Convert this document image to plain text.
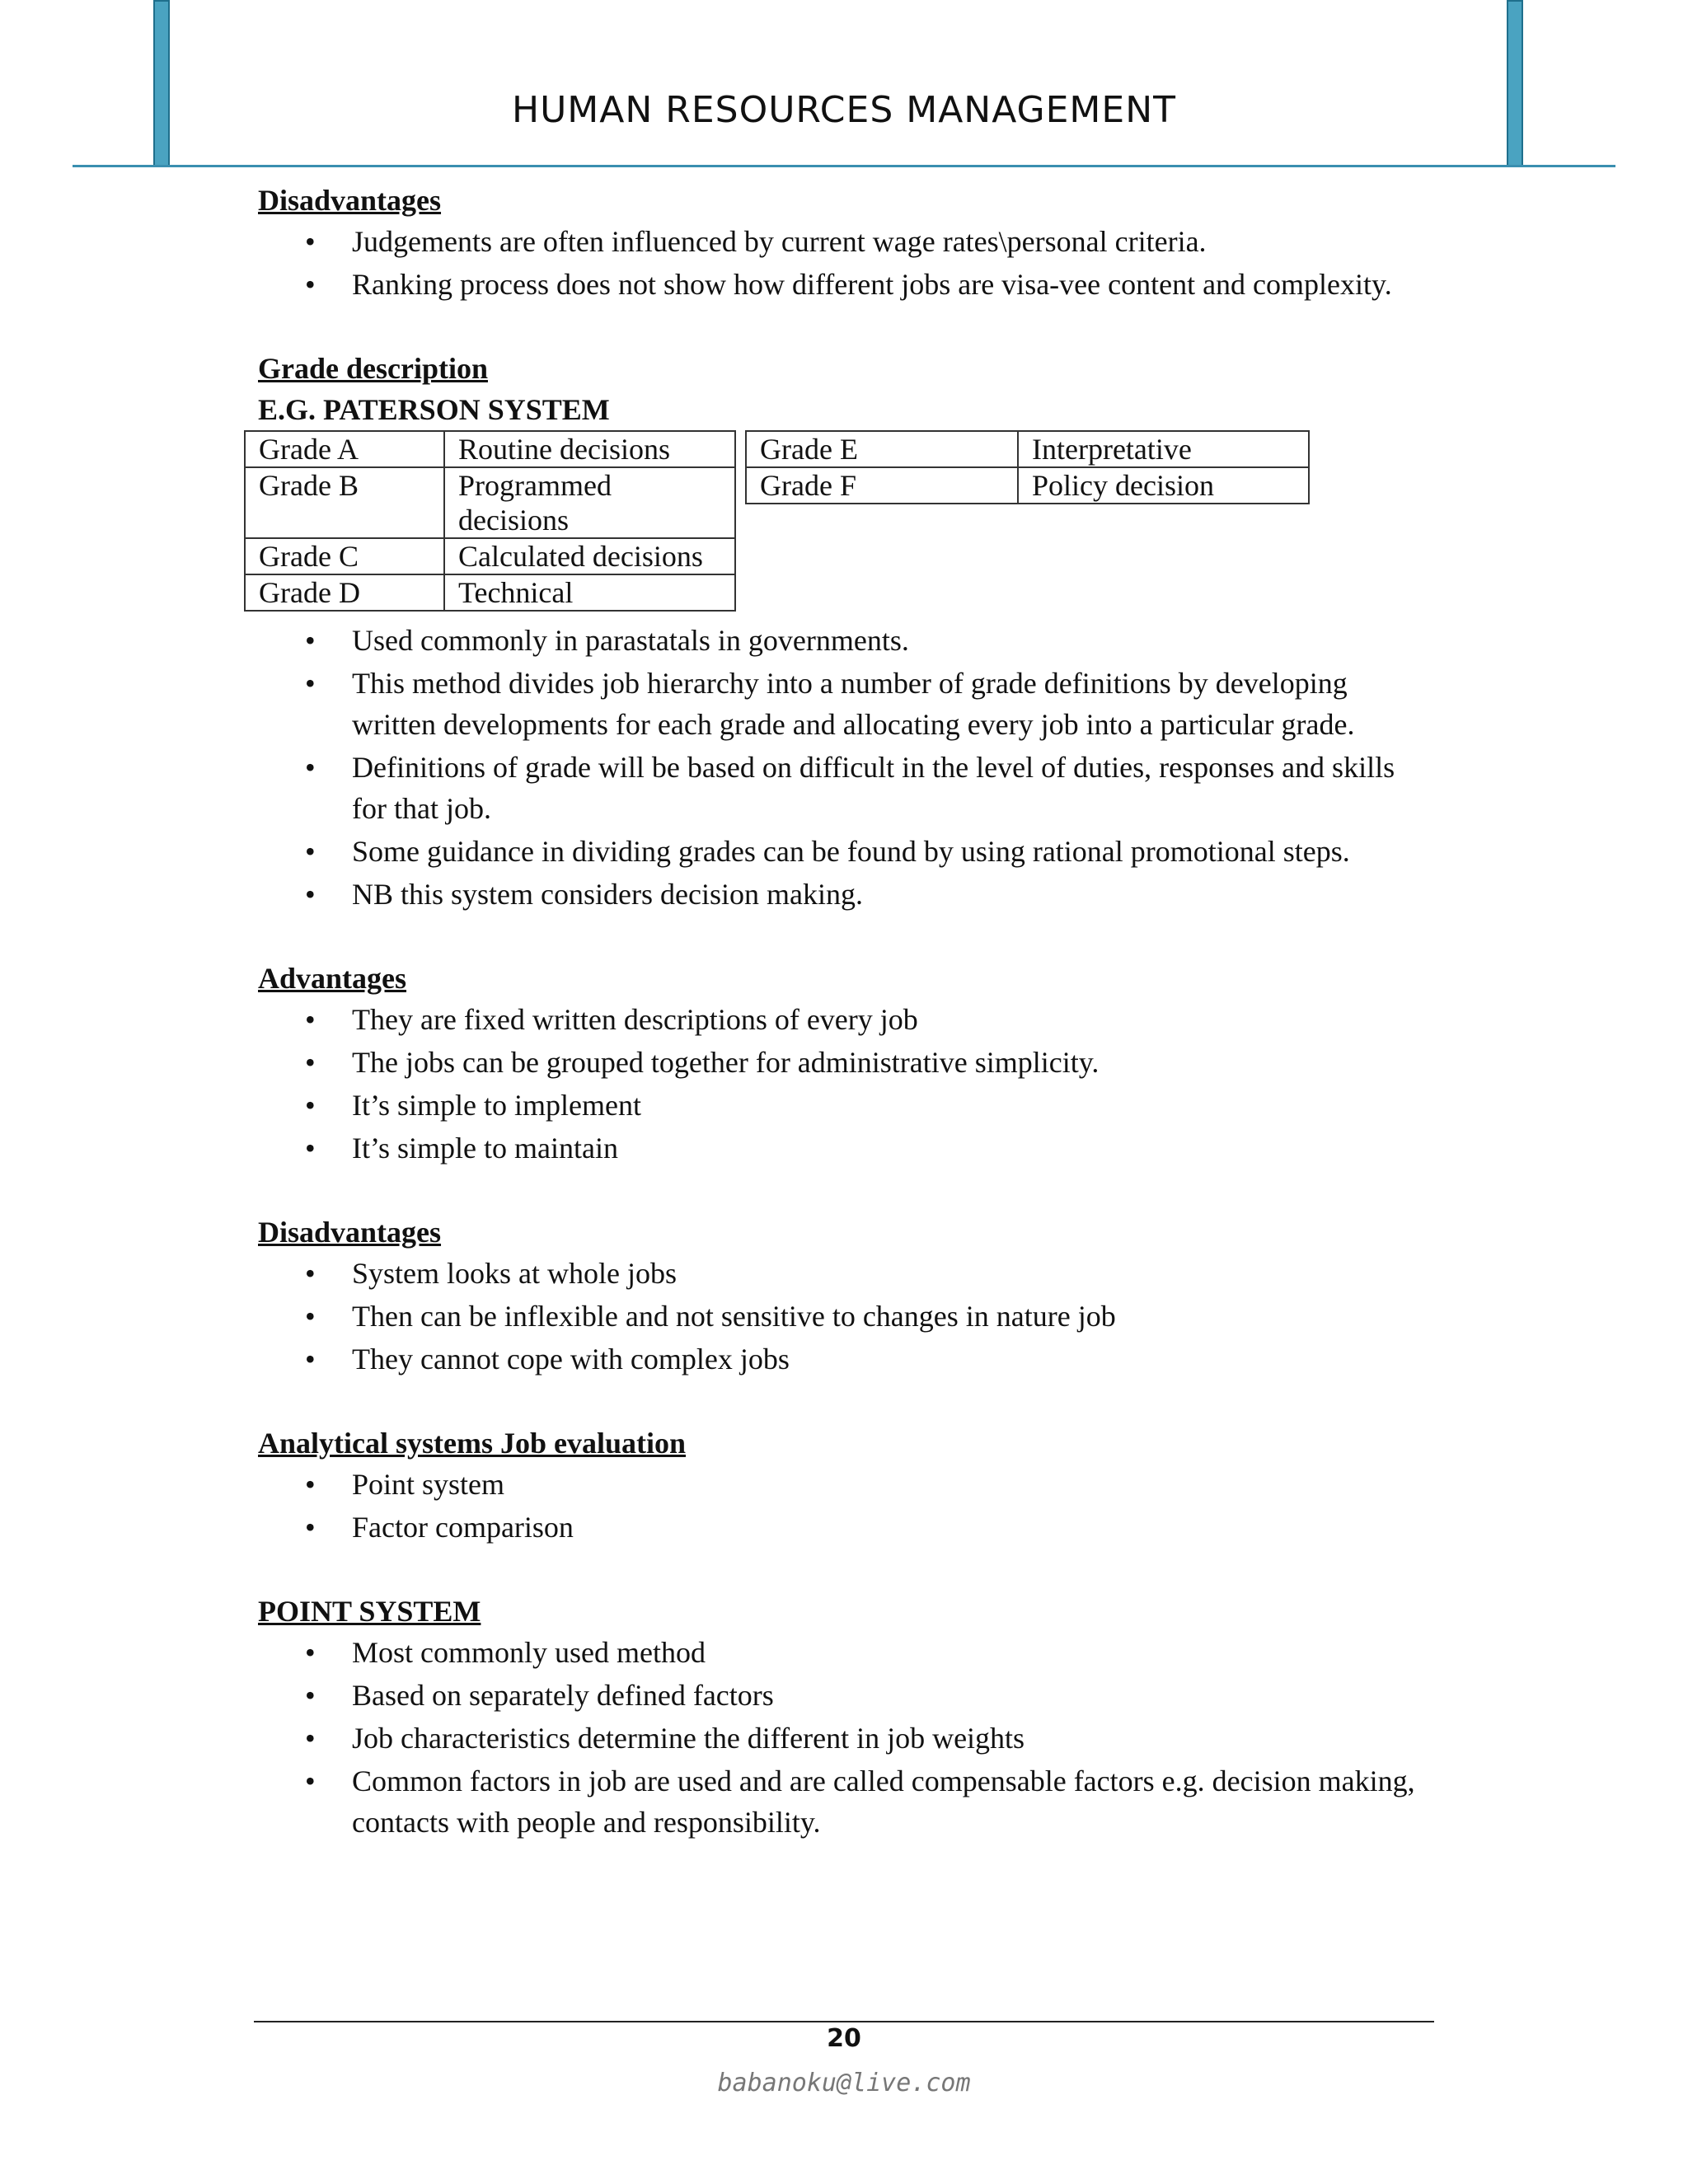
HUMAN RESOURCES MANAGEMENT
Disadvantages
• Judgements are often influenced by current wage rates\personal criteria.
• Ranking process does not show how different jobs are visa-vee content and complexity.
Grade description
E.G. PATERSON SYSTEM
Grade A	Routine decisions
Grade B	Programmed decisions
Grade C	Calculated decisions
Grade D	Technical
Grade E	Interpretative
Grade F	Policy decision
• Used commonly in parastatals in governments.
• This method divides job hierarchy into a number of grade definitions by developing written developments for each grade and allocating every job into a particular grade.
• Definitions of grade will be based on difficult in the level of duties, responses and skills for that job.
• Some guidance in dividing grades can be found by using rational promotional steps.
• NB this system considers decision making.
Advantages
• They are fixed written descriptions of every job
• The jobs can be grouped together for administrative simplicity.
• It’s simple to implement
• It’s simple to maintain
Disadvantages
• System looks at whole jobs
• Then can be inflexible and not sensitive to changes in nature job
• They cannot cope with complex jobs
Analytical systems Job evaluation
• Point system
• Factor comparison
POINT SYSTEM
• Most commonly used method
• Based on separately defined factors
• Job characteristics determine the different in job weights
• Common factors in job are used and are called compensable factors e.g. decision making, contacts with people and responsibility.
20
babanoku@live.com
